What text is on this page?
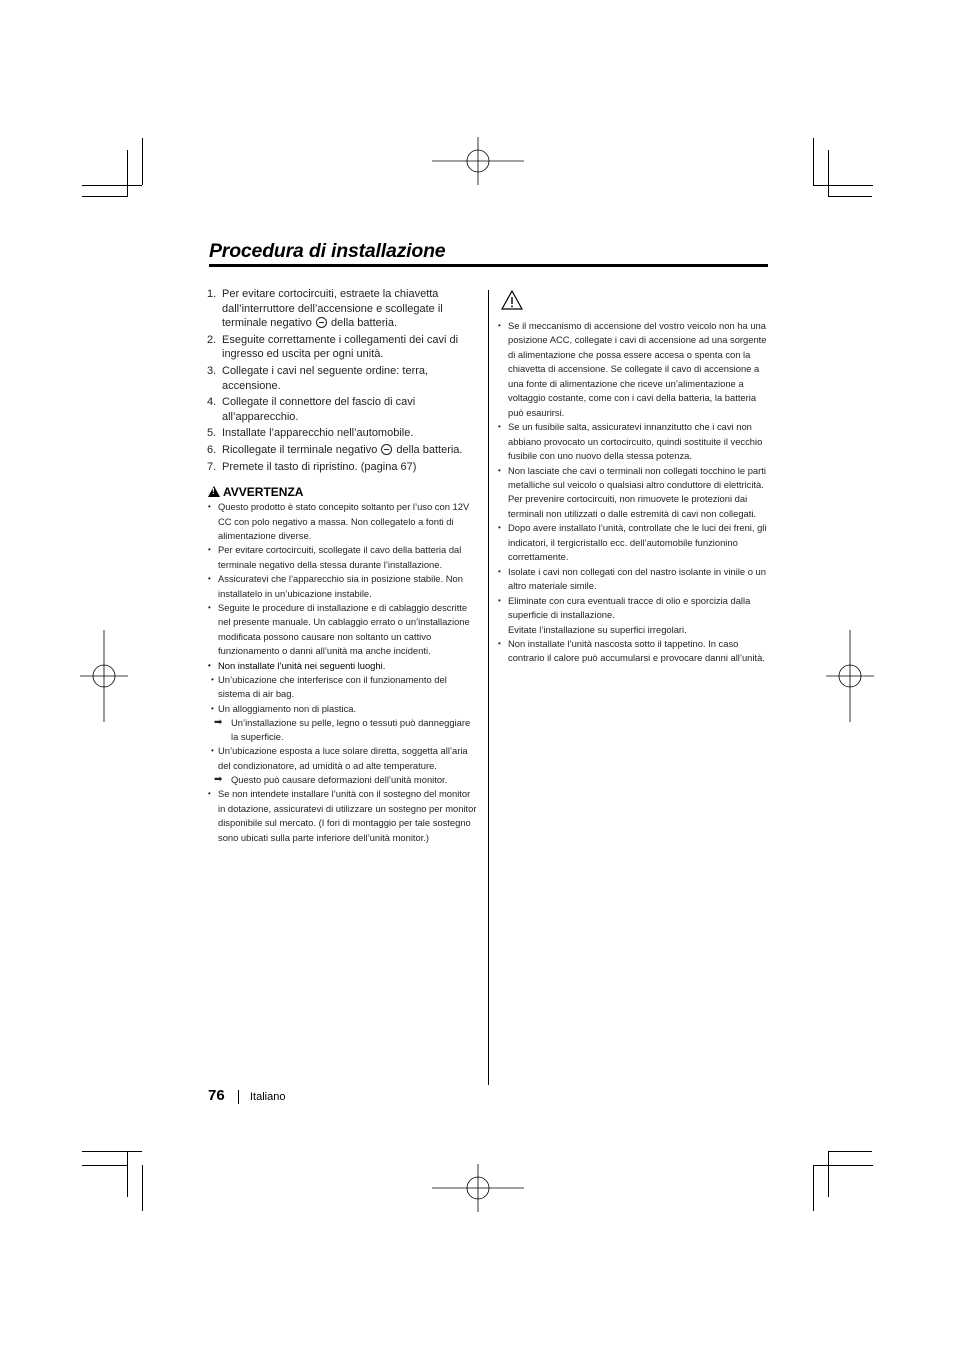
Procedura di installazione
1. Per evitare cortocircuiti, estraete la chiavetta dall’interruttore dell’accensione e scollegate il terminale negativo  della batteria.
2. Eseguite correttamente i collegamenti dei cavi di ingresso ed uscita per ogni unità.
3. Collegate i cavi nel seguente ordine: terra, accensione.
4. Collegate il connettore del fascio di cavi all’apparecchio.
5. Installate l’apparecchio nell’automobile.
6. Ricollegate il terminale negativo  della batteria.
7. Premete il tasto di ripristino. (pagina 67)
!AVVERTENZA
• Questo prodotto è stato concepito soltanto per l’uso con 12V CC con polo negativo a massa. Non collegatelo a fonti di alimentazione diverse.
• Per evitare cortocircuiti, scollegate il cavo della batteria dal terminale negativo della stessa durante l’installazione.
• Assicuratevi che l’apparecchio sia in posizione stabile. Non installatelo in un’ubicazione instabile.
• Seguite le procedure di installazione e di cablaggio descritte nel presente manuale. Un cablaggio errato o un’installazione modificata possono causare non soltanto un cattivo funzionamento o danni all’unità ma anche incidenti.
• Non installate l’unità nei seguenti luoghi.
• Un’ubicazione che interferisce con il funzionamento del sistema di air bag.
• Un alloggiamento non di plastica.
➡ Un’installazione su pelle, legno o tessuti può danneggiare la superficie.
• Un’ubicazione esposta a luce solare diretta, soggetta all’aria del condizionatore, ad umidità o ad alte temperature.
➡ Questo può causare deformazioni dell’unità monitor.
• Se non intendete installare l’unità con il sostegno del monitor in dotazione, assicuratevi di utilizzare un sostegno per monitor disponibile sul mercato. (I fori di montaggio per tale sostegno sono ubicati sulla parte inferiore dell’unità monitor.)
• Se il meccanismo di accensione del vostro veicolo non ha una posizione ACC, collegate i cavi di accensione ad una sorgente di alimentazione che possa essere accesa o spenta con la chiavetta di accensione. Se collegate il cavo di accensione a una fonte di alimentazione che riceve un’alimentazione a voltaggio costante, come con i cavi della batteria, la batteria può esaurirsi.
• Se un fusibile salta, assicuratevi innanzitutto che i cavi non abbiano provocato un cortocircuito, quindi sostituite il vecchio fusibile con uno nuovo della stessa potenza.
• Non lasciate che cavi o terminali non collegati tocchino le parti metalliche sul veicolo o qualsiasi altro conduttore di elettricità. Per prevenire cortocircuiti, non rimuovete le protezioni dai terminali non utilizzati o dalle estremità di cavi non collegati.
• Dopo avere installato l’unità, controllate che le luci dei freni, gli indicatori, il tergicristallo ecc. dell’automobile funzionino correttamente.
• Isolate i cavi non collegati con del nastro isolante in vinile o un altro materiale simile.
• Eliminate con cura eventuali tracce di olio e sporcizia dalla superficie di installazione.
Evitate l’installazione su superfici irregolari.
• Non installate l’unità nascosta sotto il tappetino. In caso contrario il calore può accumularsi e provocare danni all’unità.
76 Italiano
